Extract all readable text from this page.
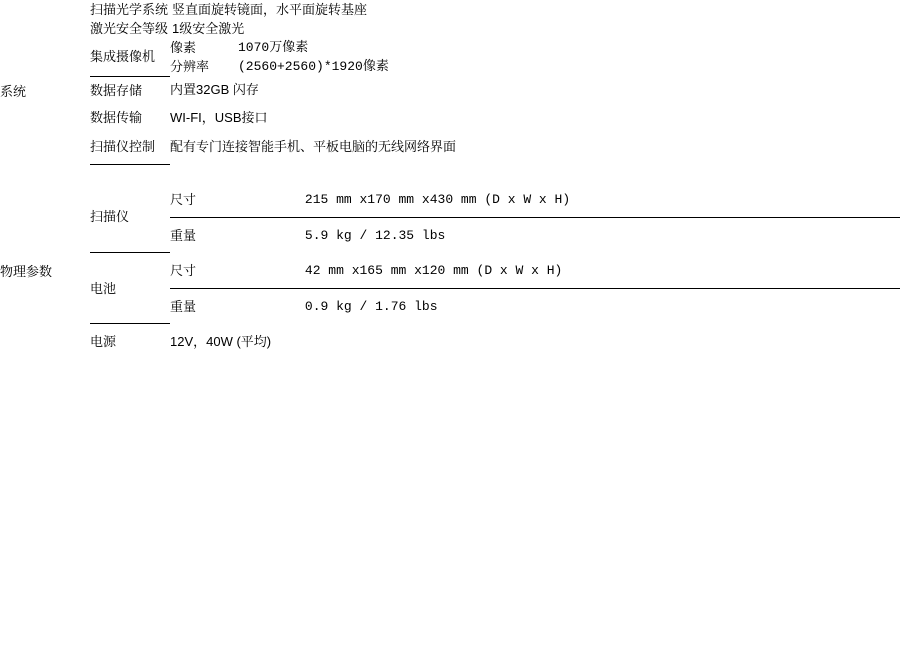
系统

扫描光学系统	竖直面旋转镜面，水平面旋转基座

激光安全等级	1级安全激光

集成摄像机

像素	1070万像素
分辨率	(2560+2560)*1920像素

数据存储	内置32GB 闪存

数据传输	WI-FI，USB接口

扫描仪控制	配有专门连接智能手机、平板电脑的无线网络界面

物理参数

扫描仪

尺寸	215 mm x170 mm x430 mm (D x W x H)
重量	5.9 kg / 12.35 lbs

电池

尺寸	42 mm x165 mm x120 mm (D x W x H)
重量	0.9 kg / 1.76 lbs

电源	12V，40W (平均)
